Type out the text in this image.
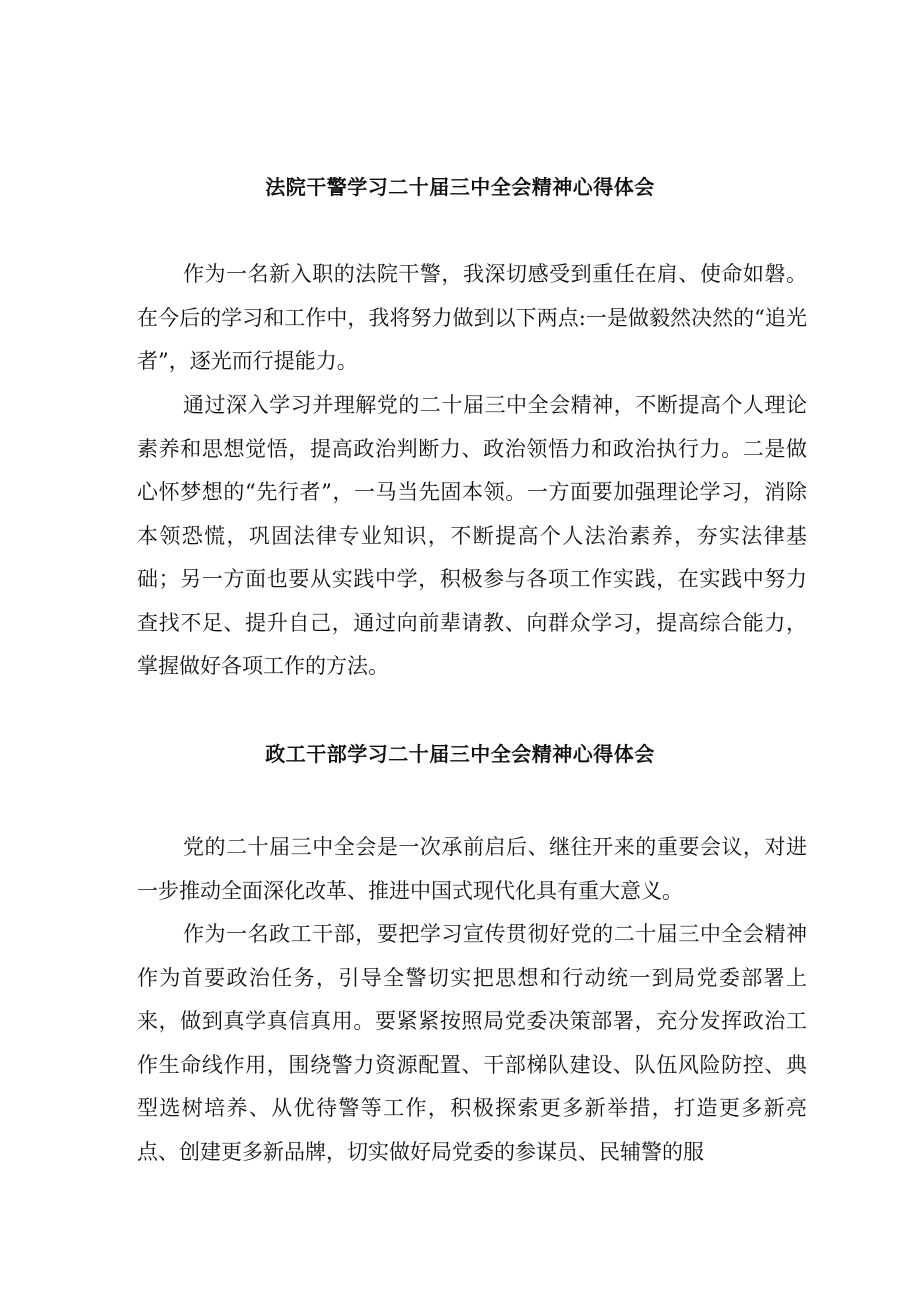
法院干警学习二十届三中全会精神心得体会

作为一名新入职的法院干警，我深切感受到重任在肩、使命如磐。在今后的学习和工作中，我将努力做到以下两点:一是做毅然决然的“追光者”，逐光而行提能力。

通过深入学习并理解党的二十届三中全会精神，不断提高个人理论素养和思想觉悟，提高政治判断力、政治领悟力和政治执行力。二是做心怀梦想的“先行者”，一马当先固本领。一方面要加强理论学习，消除本领恐慌，巩固法律专业知识，不断提高个人法治素养，夯实法律基础；另一方面也要从实践中学，积极参与各项工作实践，在实践中努力查找不足、提升自己，通过向前辈请教、向群众学习，提高综合能力，掌握做好各项工作的方法。

政工干部学习二十届三中全会精神心得体会

党的二十届三中全会是一次承前启后、继往开来的重要会议，对进一步推动全面深化改革、推进中国式现代化具有重大意义。

作为一名政工干部，要把学习宣传贯彻好党的二十届三中全会精神作为首要政治任务，引导全警切实把思想和行动统一到局党委部署上来，做到真学真信真用。要紧紧按照局党委决策部署，充分发挥政治工作生命线作用，围绕警力资源配置、干部梯队建设、队伍风险防控、典型选树培养、从优待警等工作，积极探索更多新举措，打造更多新亮点、创建更多新品牌，切实做好局党委的参谋员、民辅警的服
